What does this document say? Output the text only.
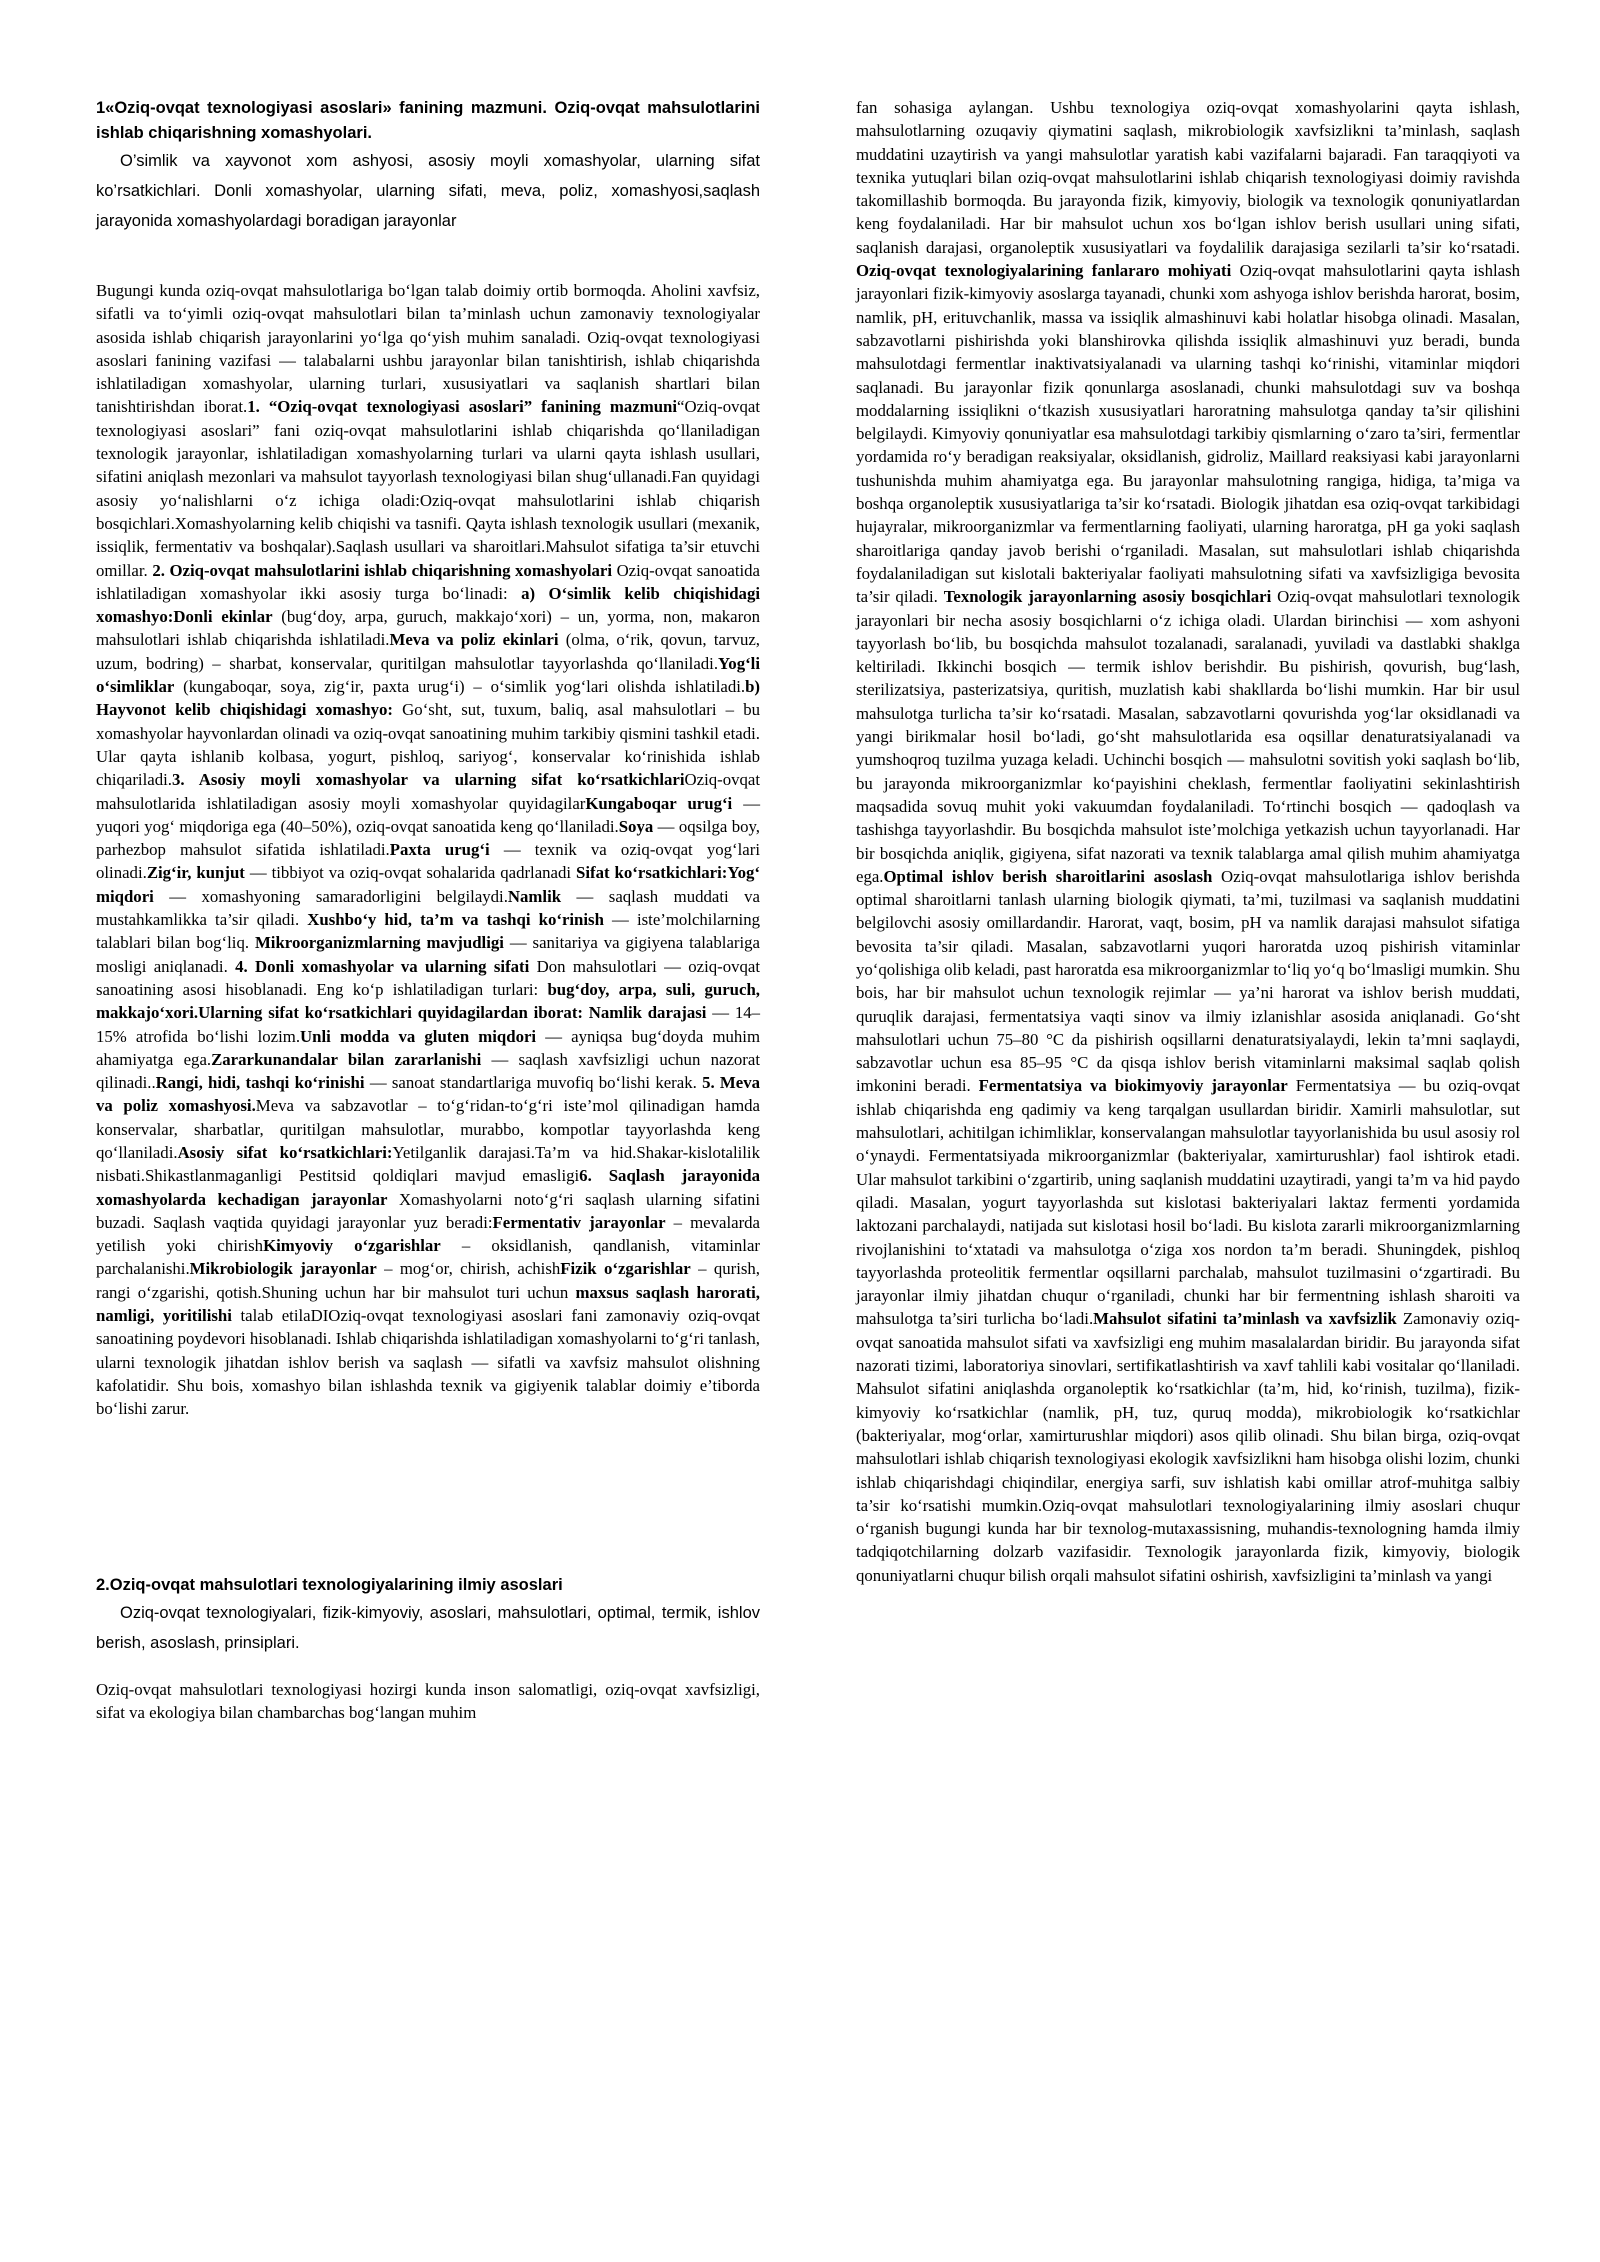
1«Oziq-ovqat texnologiyasi asoslari» fanining mazmuni. Oziq-ovqat mahsulotlarini ishlab chiqarishning xomashyolari.

O’simlik va xayvonot xom ashyosi, asosiy moyli xomashyolar, ularning sifat ko’rsatkichlari. Donli xomashyolar, ularning sifati, meva, poliz, xomashyosi,saqlash jarayonida xomashyolardagi boradigan jarayonlar

Bugungi kunda oziq-ovqat mahsulotlariga bo‘lgan talab doimiy ortib bormoqda. Aholini xavfsiz, sifatli va to‘yimli oziq-ovqat mahsulotlari bilan ta’minlash uchun zamonaviy texnologiyalar asosida ishlab chiqarish jarayonlarini yo‘lga qo‘yish muhim sanaladi. Oziq-ovqat texnologiyasi asoslari fanining vazifasi — talabalarni ushbu jarayonlar bilan tanishtirish, ishlab chiqarishda ishlatiladigan xomashyolar, ularning turlari, xususiyatlari va saqlanish shartlari bilan tanishtirishdan iborat.1. “Oziq-ovqat texnologiyasi asoslari” fanining mazmuni“Oziq-ovqat texnologiyasi asoslari” fani oziq-ovqat mahsulotlarini ishlab chiqarishda qo‘llaniladigan texnologik jarayonlar, ishlatiladigan xomashyolarning turlari va ularni qayta ishlash usullari, sifatini aniqlash mezonlari va mahsulot tayyorlash texnologiyasi bilan shug‘ullanadi.Fan quyidagi asosiy yo‘nalishlarni o‘z ichiga oladi:Oziq-ovqat mahsulotlarini ishlab chiqarish bosqichlari.Xomashyolarning kelib chiqishi va tasnifi. Qayta ishlash texnologik usullari (mexanik, issiqlik, fermentativ va boshqalar).Saqlash usullari va sharoitlari.Mahsulot sifatiga ta’sir etuvchi omillar. 2. Oziq-ovqat mahsulotlarini ishlab chiqarishning xomashyolari Oziq-ovqat sanoatida ishlatiladigan xomashyolar ikki asosiy turga bo‘linadi: a) O‘simlik kelib chiqishidagi xomashyo:Donli ekinlar (bug‘doy, arpa, guruch, makkajo‘xori) – un, yorma, non, makaron mahsulotlari ishlab chiqarishda ishlatiladi.Meva va poliz ekinlari (olma, o‘rik, qovun, tarvuz, uzum, bodring) – sharbat, konservalar, quritilgan mahsulotlar tayyorlashda qo‘llaniladi.Yog‘li o‘simliklar (kungaboqar, soya, zig‘ir, paxta urug‘i) – o‘simlik yog‘lari olishda ishlatiladi.b) Hayvonot kelib chiqishidagi xomashyo: Go‘sht, sut, tuxum, baliq, asal mahsulotlari – bu xomashyolar hayvonlardan olinadi va oziq-ovqat sanoatining muhim tarkibiy qismini tashkil etadi. Ular qayta ishlanib kolbasa, yogurt, pishloq, sariyog‘, konservalar ko‘rinishida ishlab chiqariladi.3. Asosiy moyli xomashyolar va ularning sifat ko‘rsatkichlariOziq-ovqat mahsulotlarida ishlatiladigan asosiy moyli xomashyolar quyidagilarKungaboqar urug‘i — yuqori yog‘ miqdoriga ega (40–50%), oziq-ovqat sanoatida keng qo‘llaniladi.Soya — oqsilga boy, parhezbop mahsulot sifatida ishlatiladi.Paxta urug‘i — texnik va oziq-ovqat yog‘lari olinadi.Zig‘ir, kunjut — tibbiyot va oziq-ovqat sohalarida qadrlanadi Sifat ko‘rsatkichlari:Yog‘ miqdori — xomashyoning samaradorligini belgilaydi.Namlik — saqlash muddati va mustahkamlikka ta’sir qiladi. Xushbo‘y hid, ta’m va tashqi ko‘rinish — iste’molchilarning talablari bilan bog‘liq. Mikroorganizmlarning mavjudligi — sanitariya va gigiyena talablariga mosligi aniqlanadi. 4. Donli xomashyolar va ularning sifati Don mahsulotlari — oziq-ovqat sanoatining asosi hisoblanadi. Eng ko‘p ishlatiladigan turlari: bug‘doy, arpa, suli, guruch, makkajo‘xori.Ularning sifat ko‘rsatkichlari quyidagilardan iborat: Namlik darajasi — 14–15% atrofida bo‘lishi lozim.Unli modda va gluten miqdori — ayniqsa bug‘doyda muhim ahamiyatga ega.Zararkunandalar bilan zararlanishi — saqlash xavfsizligi uchun nazorat qilinadi..Rangi, hidi, tashqi ko‘rinishi — sanoat standartlariga muvofiq bo‘lishi kerak. 5. Meva va poliz xomashyosi.Meva va sabzavotlar – to‘g‘ridan-to‘g‘ri iste’mol qilinadigan hamda konservalar, sharbatlar, quritilgan mahsulotlar, murabbo, kompotlar tayyorlashda keng qo‘llaniladi.Asosiy sifat ko‘rsatkichlari:Yetilganlik darajasi.Ta’m va hid.Shakar-kislotalilik nisbati.Shikastlanmaganligi Pestitsid qoldiqlari mavjud emasligi6. Saqlash jarayonida xomashyolarda kechadigan jarayonlar Xomashyolarni noto‘g‘ri saqlash ularning sifatini buzadi. Saqlash vaqtida quyidagi jarayonlar yuz beradi:Fermentativ jarayonlar – mevalarda yetilish yoki chirishKimyoviy o‘zgarishlar – oksidlanish, qandlanish, vitaminlar parchalanishi.Mikrobiologik jarayonlar – mog‘or, chirish, achishFizik o‘zgarishlar – qurish, rangi o‘zgarishi, qotish.Shuning uchun har bir mahsulot turi uchun maxsus saqlash harorati, namligi, yoritilishi talab etilaDIOziq-ovqat texnologiyasi asoslari fani zamonaviy oziq-ovqat sanoatining poydevori hisoblanadi. Ishlab chiqarishda ishlatiladigan xomashyolarni to‘g‘ri tanlash, ularni texnologik jihatdan ishlov berish va saqlash — sifatli va xavfsiz mahsulot olishning kafolatidir. Shu bois, xomashyo bilan ishlashda texnik va gigiyenik talablar doimiy e’tiborda bo‘lishi zarur.

2.Oziq-ovqat mahsulotlari texnologiyalarining ilmiy asoslari

Oziq-ovqat texnologiyalari, fizik-kimyoviy, asoslari, mahsulotlari, optimal, termik, ishlov berish, asoslash, prinsiplari.

Oziq-ovqat mahsulotlari texnologiyasi hozirgi kunda inson salomatligi, oziq-ovqat xavfsizligi, sifat va ekologiya bilan chambarchas bog‘langan muhim

fan sohasiga aylangan. Ushbu texnologiya oziq-ovqat xomashyolarini qayta ishlash, mahsulotlarning ozuqaviy qiymatini saqlash, mikrobiologik xavfsizlikni ta’minlash, saqlash muddatini uzaytirish va yangi mahsulotlar yaratish kabi vazifalarni bajaradi. Fan taraqqiyoti va texnika yutuqlari bilan oziq-ovqat mahsulotlarini ishlab chiqarish texnologiyasi doimiy ravishda takomillashib bormoqda. Bu jarayonda fizik, kimyoviy, biologik va texnologik qonuniyatlardan keng foydalaniladi. Har bir mahsulot uchun xos bo‘lgan ishlov berish usullari uning sifati, saqlanish darajasi, organoleptik xususiyatlari va foydalilik darajasiga sezilarli ta’sir ko‘rsatadi. Oziq-ovqat texnologiyalarining fanlararo mohiyati Oziq-ovqat mahsulotlarini qayta ishlash jarayonlari fizik-kimyoviy asoslarga tayanadi, chunki xom ashyoga ishlov berishda harorat, bosim, namlik, pH, erituvchanlik, massa va issiqlik almashinuvi kabi holatlar hisobga olinadi. Masalan, sabzavotlarni pishirishda yoki blanshirovka qilishda issiqlik almashinuvi yuz beradi, bunda mahsulotdagi fermentlar inaktivatsiyalanadi va ularning tashqi ko‘rinishi, vitaminlar miqdori saqlanadi. Bu jarayonlar fizik qonunlarga asoslanadi, chunki mahsulotdagi suv va boshqa moddalarning issiqlikni o‘tkazish xususiyatlari haroratning mahsulotga qanday ta’sir qilishini belgilaydi. Kimyoviy qonuniyatlar esa mahsulotdagi tarkibiy qismlarning o‘zaro ta’siri, fermentlar yordamida ro‘y beradigan reaksiyalar, oksidlanish, gidroliz, Maillard reaksiyasi kabi jarayonlarni tushunishda muhim ahamiyatga ega. Bu jarayonlar mahsulotning rangiga, hidiga, ta’miga va boshqa organoleptik xususiyatlariga ta’sir ko‘rsatadi. Biologik jihatdan esa oziq-ovqat tarkibidagi hujayralar, mikroorganizmlar va fermentlarning faoliyati, ularning haroratga, pH ga yoki saqlash sharoitlariga qanday javob berishi o‘rganiladi. Masalan, sut mahsulotlari ishlab chiqarishda foydalaniladigan sut kislotali bakteriyalar faoliyati mahsulotning sifati va xavfsizligiga bevosita ta’sir qiladi. Texnologik jarayonlarning asosiy bosqichlari Oziq-ovqat mahsulotlari texnologik jarayonlari bir necha asosiy bosqichlarni o‘z ichiga oladi. Ulardan birinchisi — xom ashyoni tayyorlash bo‘lib, bu bosqichda mahsulot tozalanadi, saralanadi, yuviladi va dastlabki shaklga keltiriladi. Ikkinchi bosqich — termik ishlov berishdir. Bu pishirish, qovurish, bug‘lash, sterilizatsiya, pasterizatsiya, quritish, muzlatish kabi shakllarda bo‘lishi mumkin. Har bir usul mahsulotga turlicha ta’sir ko‘rsatadi. Masalan, sabzavotlarni qovurishda yog‘lar oksidlanadi va yangi birikmalar hosil bo‘ladi, go‘sht mahsulotlarida esa oqsillar denaturatsiyalanadi va yumshoqroq tuzilma yuzaga keladi. Uchinchi bosqich — mahsulotni sovitish yoki saqlash bo‘lib, bu jarayonda mikroorganizmlar ko‘payishini cheklash, fermentlar faoliyatini sekinlashtirish maqsadida sovuq muhit yoki vakuumdan foydalaniladi. To‘rtinchi bosqich — qadoqlash va tashishga tayyorlashdir. Bu bosqichda mahsulot iste’molchiga yetkazish uchun tayyorlanadi. Har bir bosqichda aniqlik, gigiyena, sifat nazorati va texnik talablarga amal qilish muhim ahamiyatga ega.Optimal ishlov berish sharoitlarini asoslash Oziq-ovqat mahsulotlariga ishlov berishda optimal sharoitlarni tanlash ularning biologik qiymati, ta’mi, tuzilmasi va saqlanish muddatini belgilovchi asosiy omillardandir. Harorat, vaqt, bosim, pH va namlik darajasi mahsulot sifatiga bevosita ta’sir qiladi. Masalan, sabzavotlarni yuqori haroratda uzoq pishirish vitaminlar yo‘qolishiga olib keladi, past haroratda esa mikroorganizmlar to‘liq yo‘q bo‘lmasligi mumkin. Shu bois, har bir mahsulot uchun texnologik rejimlar — ya’ni harorat va ishlov berish muddati, quruqlik darajasi, fermentatsiya vaqti sinov va ilmiy izlanishlar asosida aniqlanadi. Go‘sht mahsulotlari uchun 75–80 °C da pishirish oqsillarni denaturatsiyalaydi, lekin ta’mni saqlaydi, sabzavotlar uchun esa 85–95 °C da qisqa ishlov berish vitaminlarni maksimal saqlab qolish imkonini beradi. Fermentatsiya va biokimyoviy jarayonlar Fermentatsiya — bu oziq-ovqat ishlab chiqarishda eng qadimiy va keng tarqalgan usullardan biridir. Xamirli mahsulotlar, sut mahsulotlari, achitilgan ichimliklar, konservalangan mahsulotlar tayyorlanishida bu usul asosiy rol o‘ynaydi. Fermentatsiyada mikroorganizmlar (bakteriyalar, xamirturushlar) faol ishtirok etadi. Ular mahsulot tarkibini o‘zgartirib, uning saqlanish muddatini uzaytiradi, yangi ta’m va hid paydo qiladi. Masalan, yogurt tayyorlashda sut kislotasi bakteriyalari laktaz fermenti yordamida laktozani parchalaydi, natijada sut kislotasi hosil bo‘ladi. Bu kislota zararli mikroorganizmlarning rivojlanishini to‘xtatadi va mahsulotga o‘ziga xos nordon ta’m beradi. Shuningdek, pishloq tayyorlashda proteolitik fermentlar oqsillarni parchalab, mahsulot tuzilmasini o‘zgartiradi. Bu jarayonlar ilmiy jihatdan chuqur o‘rganiladi, chunki har bir fermentning ishlash sharoiti va mahsulotga ta’siri turlicha bo‘ladi.Mahsulot sifatini ta’minlash va xavfsizlik Zamonaviy oziq-ovqat sanoatida mahsulot sifati va xavfsizligi eng muhim masalalardan biridir. Bu jarayonda sifat nazorati tizimi, laboratoriya sinovlari, sertifikatlashtirish va xavf tahlili kabi vositalar qo‘llaniladi. Mahsulot sifatini aniqlashda organoleptik ko‘rsatkichlar (ta’m, hid, ko‘rinish, tuzilma), fizik-kimyoviy ko‘rsatkichlar (namlik, pH, tuz, quruq modda), mikrobiologik ko‘rsatkichlar (bakteriyalar, mog‘orlar, xamirturushlar miqdori) asos qilib olinadi. Shu bilan birga, oziq-ovqat mahsulotlari ishlab chiqarish texnologiyasi ekologik xavfsizlikni ham hisobga olishi lozim, chunki ishlab chiqarishdagi chiqindilar, energiya sarfi, suv ishlatish kabi omillar atrof-muhitga salbiy ta’sir ko‘rsatishi mumkin.Oziq-ovqat mahsulotlari texnologiyalarining ilmiy asoslari chuqur o‘rganish bugungi kunda har bir texnolog-mutaxassisning, muhandis-texnologning hamda ilmiy tadqiqotchilarning dolzarb vazifasidir. Texnologik jarayonlarda fizik, kimyoviy, biologik qonuniyatlarni chuqur bilish orqali mahsulot sifatini oshirish, xavfsizligini ta’minlash va yangi
